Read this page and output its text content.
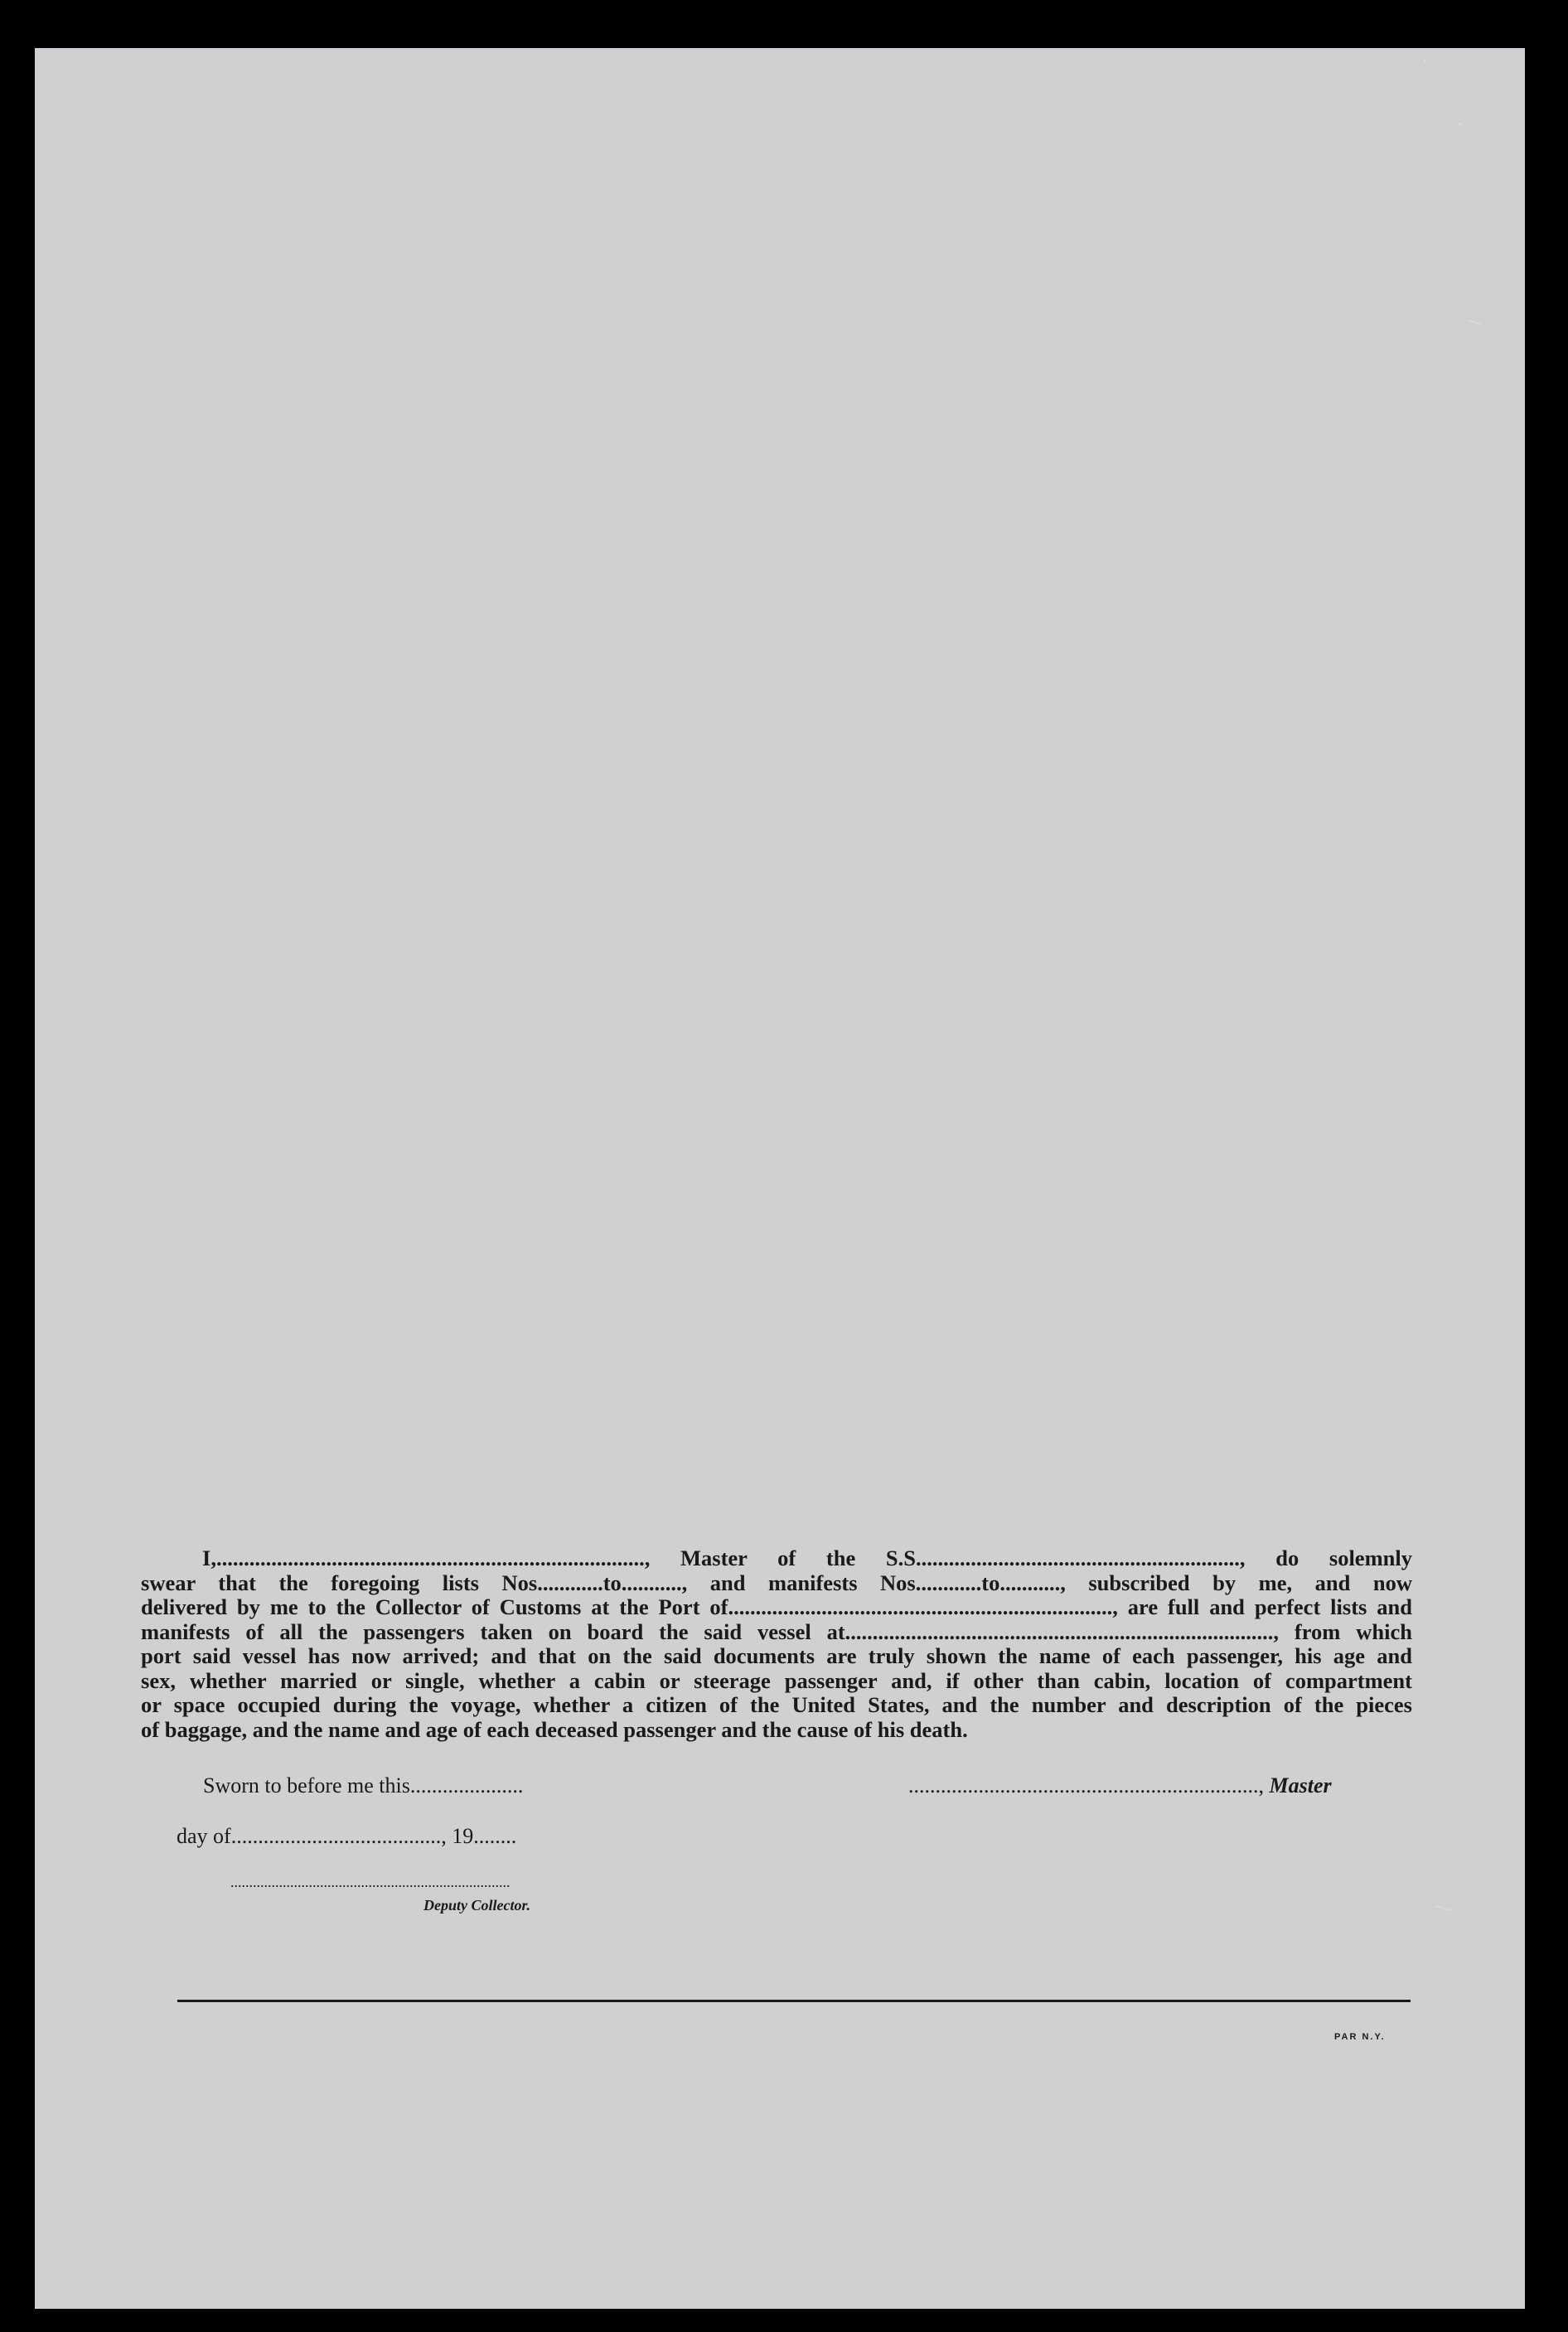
I,.............................................................................., Master of the S.S..........................................................., do solemnly
swear that the foregoing lists Nos............to..........., and manifests Nos............to..........., subscribed by me, and now
delivered by me to the Collector of Customs at the Port of......................................................................, are full and perfect lists and
manifests of all the passengers taken on board the said vessel at.............................................................................., from which
port said vessel has now arrived; and that on the said documents are truly shown the name of each passenger, his age and
sex, whether married or single, whether a cabin or steerage passenger and, if other than cabin, location of compartment
or space occupied during the voyage, whether a citizen of the United States, and the number and description of the pieces
of baggage, and the name and age of each deceased passenger and the cause of his death.
Sworn to before me this.....................	................................................................., Master
day of......................................., 19........
...........................................................................
Deputy Collector.
PAR N.Y.
